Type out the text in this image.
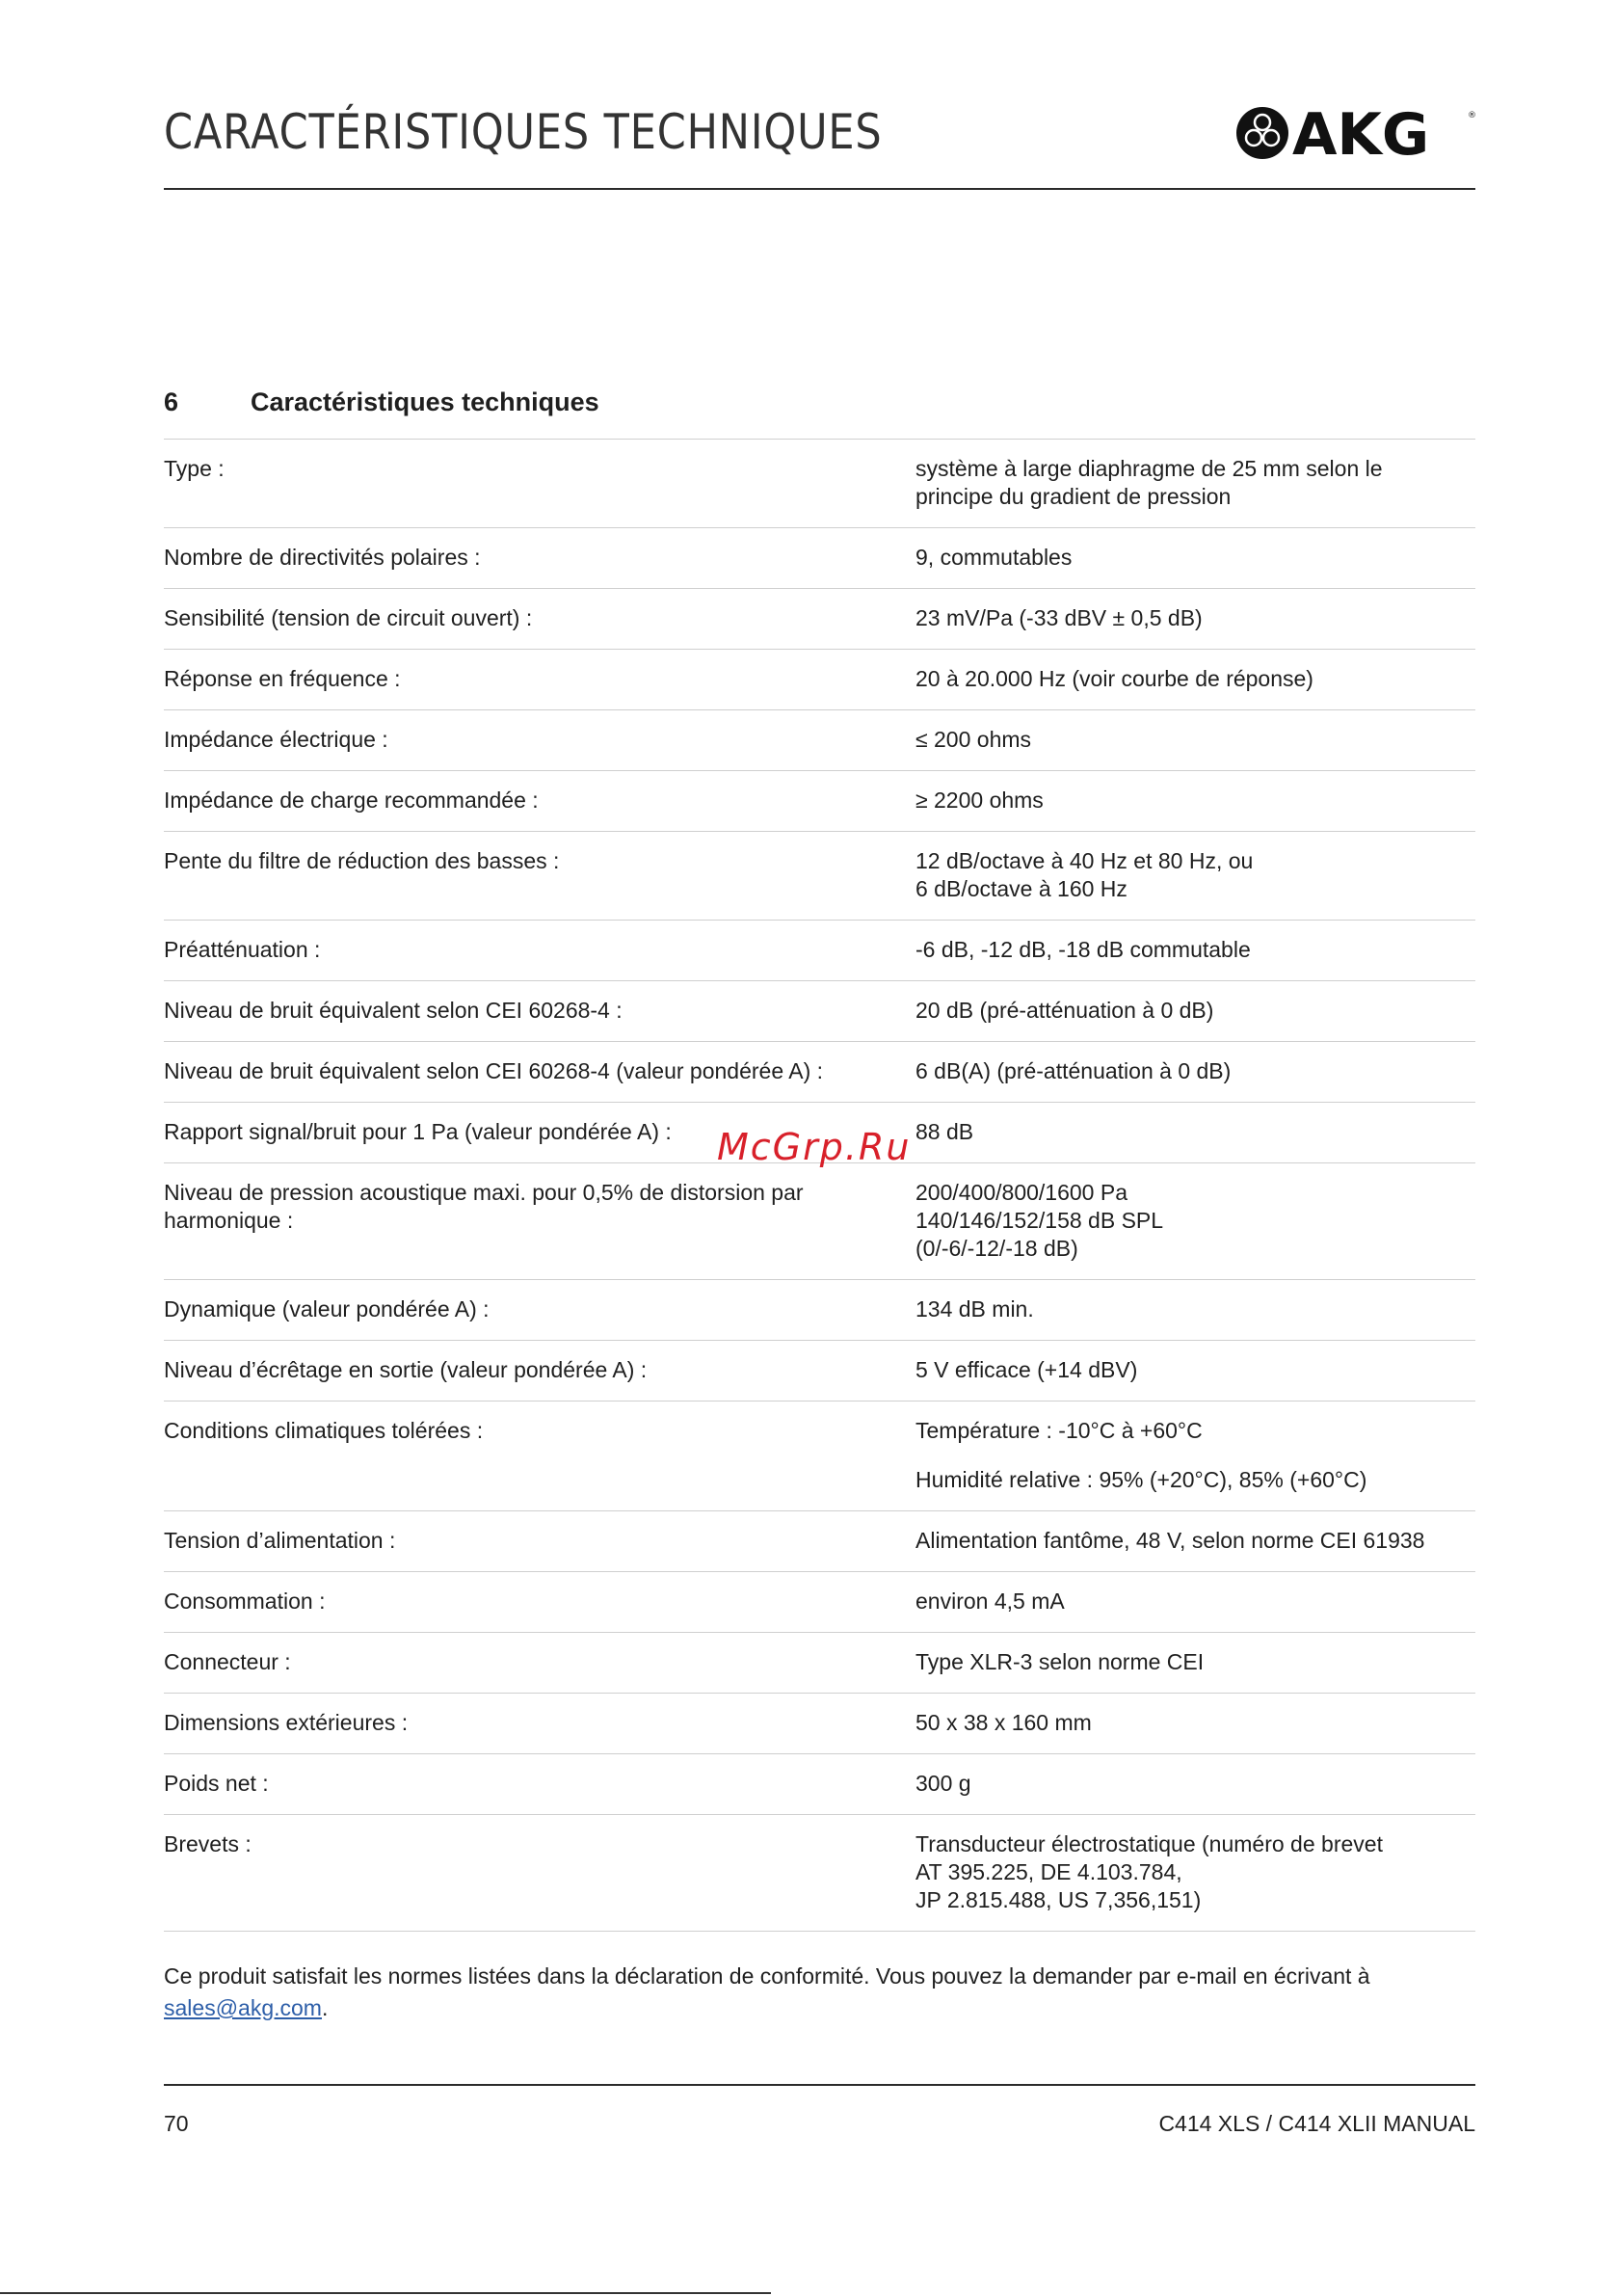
CARACTÉRISTIQUES TECHNIQUES	AKG	®
6	Caractéristiques techniques
Type :	système à large diaphragme de 25 mm selon le
principe du gradient de pression
Nombre de directivités polaires :	9, commutables
Sensibilité (tension de circuit ouvert) :	23 mV/Pa (-33 dBV ± 0,5 dB)
Réponse en fréquence :	20 à 20.000 Hz (voir courbe de réponse)
Impédance électrique :	≤ 200 ohms
Impédance de charge recommandée :	≥ 2200 ohms
Pente du filtre de réduction des basses :	12 dB/octave à 40 Hz et 80 Hz, ou
6 dB/octave à 160 Hz
Préatténuation :	-6 dB, -12 dB, -18 dB commutable
Niveau de bruit équivalent selon CEI 60268-4 :	20 dB (pré-atténuation à 0 dB)
Niveau de bruit équivalent selon CEI 60268-4 (valeur pondérée A) :	6 dB(A) (pré-atténuation à 0 dB)
Rapport signal/bruit pour 1 Pa (valeur pondérée A) :	88 dB
Niveau de pression acoustique maxi. pour 0,5% de distorsion par harmonique :
200/400/800/1600 Pa
140/146/152/158 dB SPL
(0/-6/-12/-18 dB)
Dynamique (valeur pondérée A) :	134 dB min.
Niveau d’écrêtage en sortie (valeur pondérée A) :	5 V efficace (+14 dBV)
Conditions climatiques tolérées :	Température : -10°C à +60°C
Humidité relative : 95% (+20°C), 85% (+60°C)
Tension d’alimentation :	Alimentation fantôme, 48 V, selon norme CEI 61938
Consommation :	environ 4,5 mA
Connecteur :	Type XLR-3 selon norme CEI
Dimensions extérieures :	50 x 38 x 160 mm
Poids net :	300 g
Brevets :	Transducteur électrostatique (numéro de brevet
AT 395.225, DE 4.103.784,
JP 2.815.488, US 7,356,151)
McGrp.Ru
Ce produit satisfait les normes listées dans la déclaration de conformité. Vous pouvez la demander par e-mail en écrivant à sales@akg.com.
70	C414 XLS / C414 XLII MANUAL
